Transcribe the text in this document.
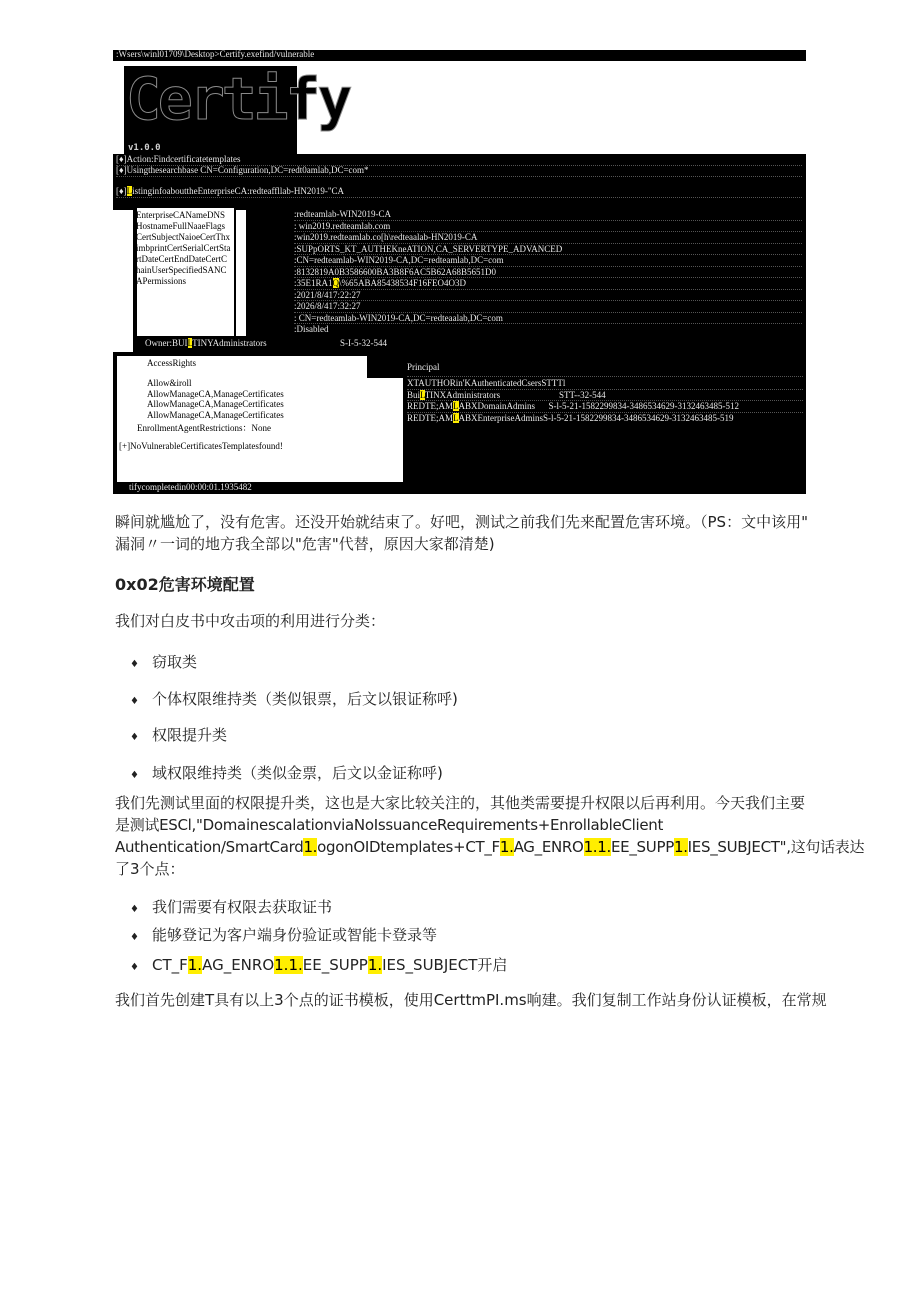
:Wsers\winl01709\Desktop>Certify.exefind/vulnerable
Certify
v1.0.0
[♦]Action:Findcertificatetemplates
[♦]Usingthesearchbase CN=Configuration,DC=redt0amlab,DC=com*
[♦]ListinginfoabouttheEnterpriseCA:redteaffllab-HN2019-"CA
EnterpriseCANameDNS
HostnameFullNaaeFlags
CertSubjectNaioeCertThx
imbprintCertSerialCertSta
rtDateCertEndDateCertC
hainUserSpecifiedSANC
APermissions
:redteamlab-WIN2019-CA
: win2019.redteamlab.com
:win2019.redteamlab.co[h\redteaalab-HN2019-CA
:SUPpORTS_KT_AUTHEKneATION,CA_SERVERTYPE_ADVANCED
:CN=redteamlab-WIN2019-CA,DC=redteamlab,DC=com
:8132819A0B3586600BA3B8F6AC5B62A68B5651D0
:35E1RA1Q\%65ABA85438534F16FEO4O3D
:2021/8/417:22:27
:2026/8/417:32:27
: CN=redteamlab-WIN2019-CA,DC=redteaalab,DC=com
:Disabled
Owner:BUILTINYAdministrators	S-I-5-32-544
AccessRights
Allow&iroll
AllowManageCA,ManageCertificates
AllowManageCA,ManageCertificates
AllowManageCA,ManageCertificates
EnrollmentAgentRestrictions：None
[+]NoVulnerableCertificatesTemplatesfound!
Principal
XTAUTHORin'KAuthenticatedCsersSTTTl
BuiLTINXAdministrators	STT--32-544
REDTE;AMLABXDomainAdmins S-l-5-21-1582299834-3486534629-3132463485-512
REDTE;AMLABXEnterpriseAdminsS-l-5-21-1582299834-3486534629-3132463485-519
tifycompletedin00:00:01.1935482
瞬间就尴尬了，没有危害。还没开始就结束了。好吧，测试之前我们先来配置危害环境。（PS：文中该用"
漏洞〃一词的地方我全部以"危害"代替，原因大家都清楚)
0x02危害环境配置
我们对白皮书中攻击项的利用进行分类：
♦ 窃取类
♦ 个体权限维持类（类似银票，后文以银证称呼)
♦ 权限提升类
♦ 域权限维持类（类似金票，后文以金证称呼)
我们先测试里面的权限提升类，这也是大家比较关注的，其他类需要提升权限以后再利用。今天我们主要
是测试ESCl,"DomainescalationviaNoIssuanceRequirements+EnrollableClient
Authentication/SmartCard1.ogonOIDtemplates+CT_F1.AG_ENRO1.1.EE_SUPP1.IES_SUBJECT",这句话表达
了3个点：
♦ 我们需要有权限去获取证书
♦ 能够登记为客户端身份验证或智能卡登录等
♦ CT_F1.AG_ENRO1.1.EE_SUPP1.IES_SUBJECT开启
我们首先创建T具有以上3个点的证书模板，使用CerttmPI.ms响建。我们复制工作站身份认证模板，在常规
